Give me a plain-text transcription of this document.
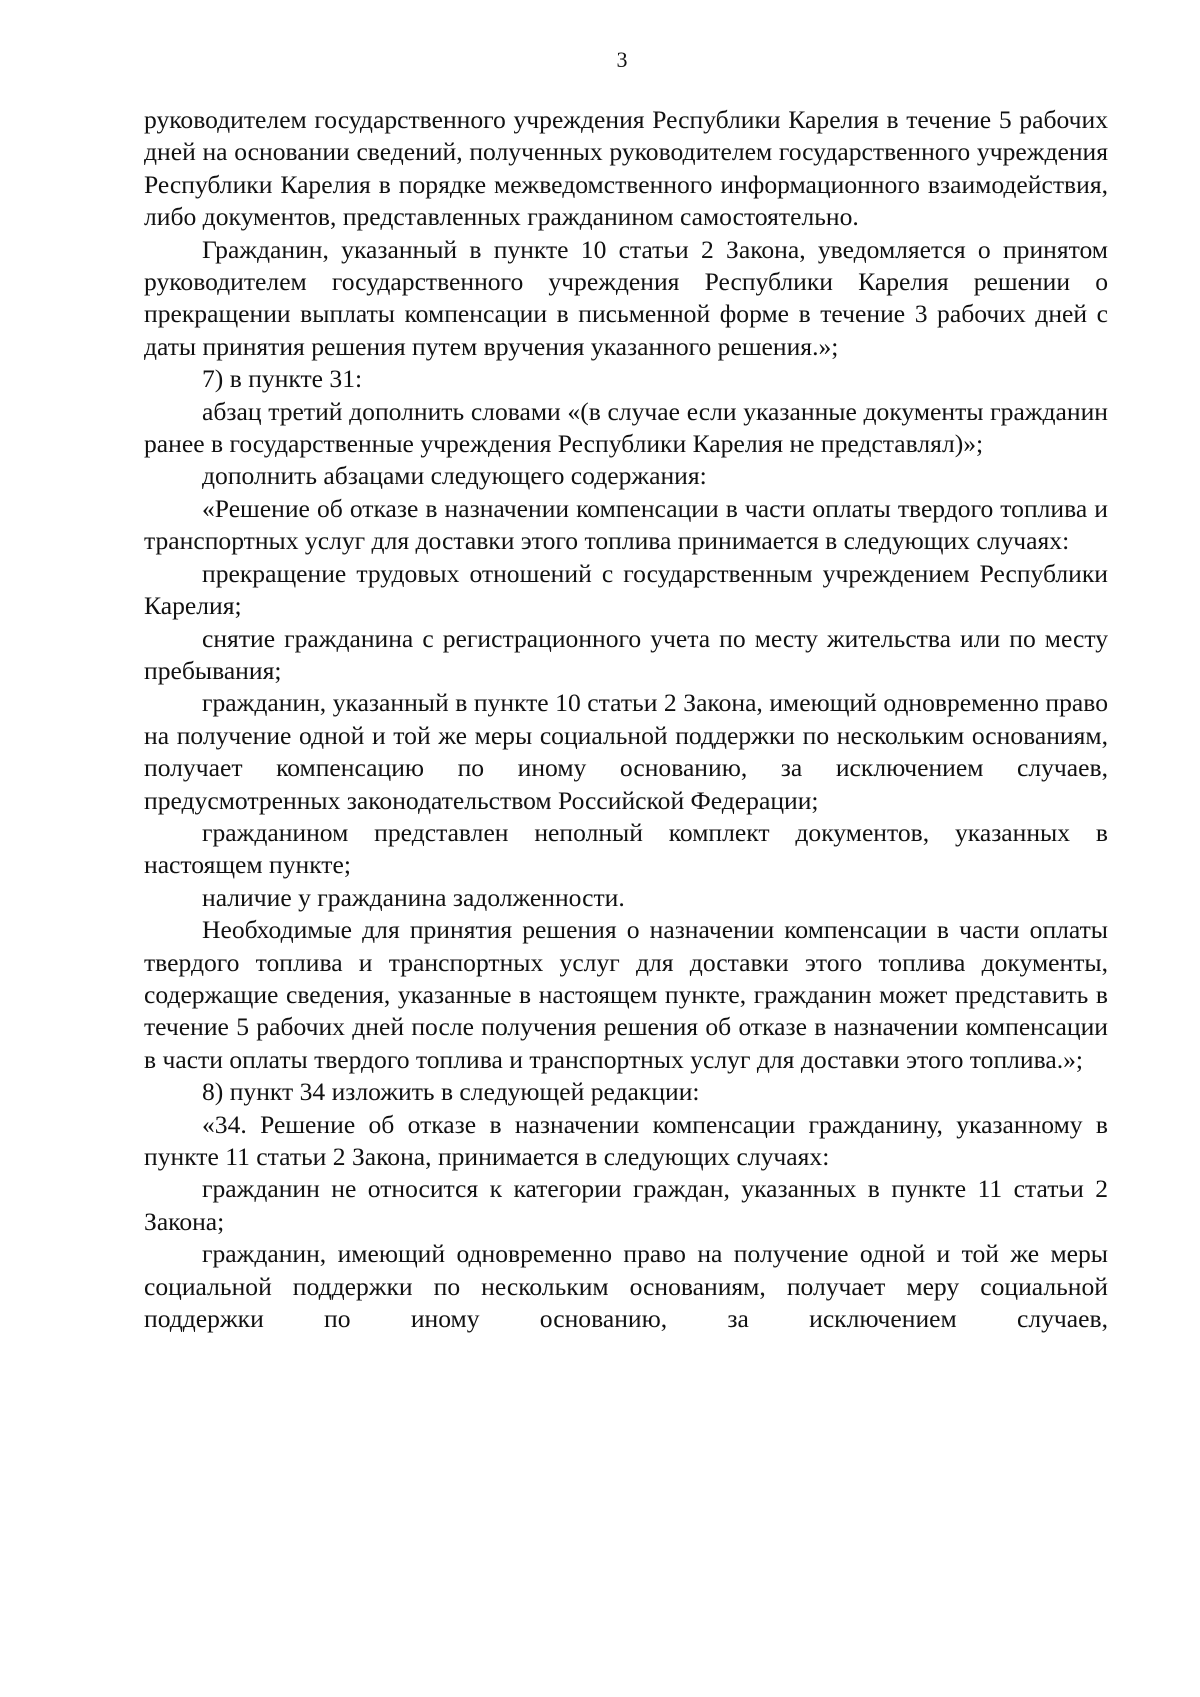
3

руководителем государственного учреждения Республики Карелия в течение 5 рабочих дней на основании сведений, полученных руководителем государственного учреждения Республики Карелия в порядке межведомственного информационного взаимодействия, либо документов, представленных гражданином самостоятельно.

Гражданин, указанный в пункте 10 статьи 2 Закона, уведомляется о принятом руководителем государственного учреждения Республики Карелия решении о прекращении выплаты компенсации в письменной форме в течение 3 рабочих дней с даты принятия решения путем вручения указанного решения.»;

7) в пункте 31:

абзац третий дополнить словами «(в случае если указанные документы гражданин ранее в государственные учреждения Республики Карелия не представлял)»;

дополнить абзацами следующего содержания:

«Решение об отказе в назначении компенсации в части оплаты твердого топлива и транспортных услуг для доставки этого топлива принимается в следующих случаях:

прекращение трудовых отношений с государственным учреждением Республики Карелия;

снятие гражданина с регистрационного учета по месту жительства или по месту пребывания;

гражданин, указанный в пункте 10 статьи 2 Закона, имеющий одновременно право на получение одной и той же меры социальной поддержки по нескольким основаниям, получает компенсацию по иному основанию, за исключением случаев, предусмотренных законодательством Российской Федерации;

гражданином представлен неполный комплект документов, указанных в настоящем пункте;

наличие у гражданина задолженности.

Необходимые для принятия решения о назначении компенсации в части оплаты твердого топлива и транспортных услуг для доставки этого топлива документы, содержащие сведения, указанные в настоящем пункте, гражданин может представить в течение 5 рабочих дней после получения решения об отказе в назначении компенсации в части оплаты твердого топлива и транспортных услуг для доставки этого топлива.»;

8) пункт 34 изложить в следующей редакции:

«34. Решение об отказе в назначении компенсации гражданину, указанному в пункте 11 статьи 2 Закона, принимается в следующих случаях:

гражданин не относится к категории граждан, указанных в пункте 11 статьи 2 Закона;

гражданин, имеющий одновременно право на получение одной и той же меры социальной поддержки по нескольким основаниям, получает меру социальной поддержки по иному основанию, за исключением случаев,
